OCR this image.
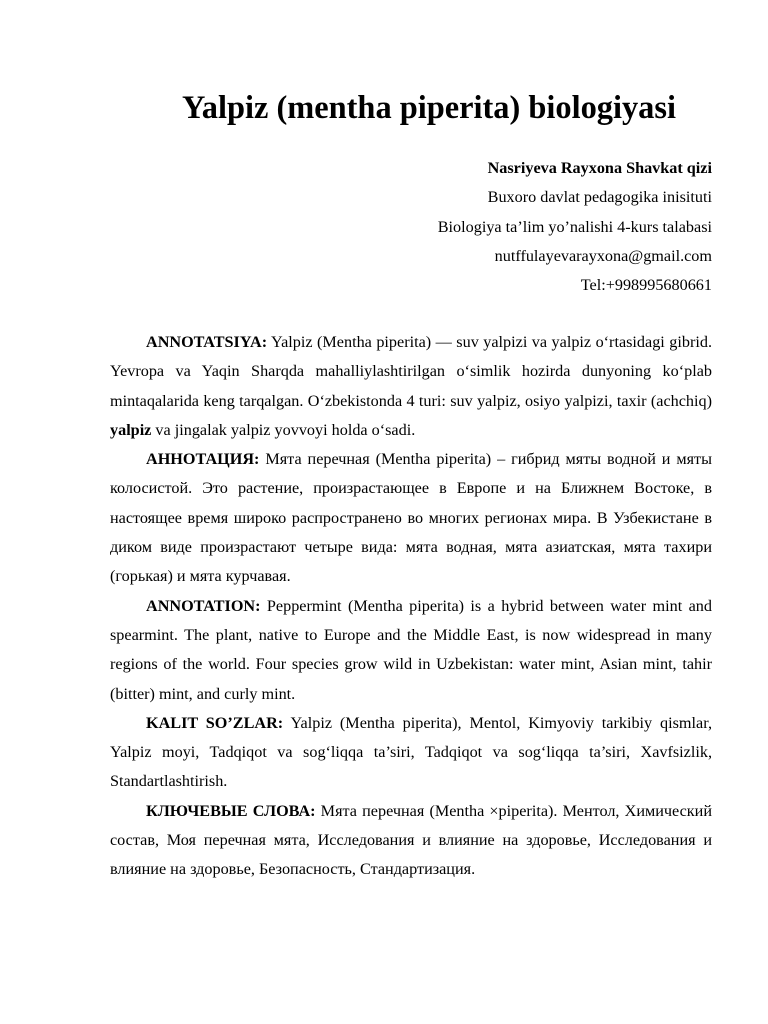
Yalpiz (mentha piperita) biologiyasi
Nasriyeva Rayxona Shavkat qizi
Buxoro davlat pedagogika inisituti
Biologiya ta’lim yo’nalishi 4-kurs talabasi
nutffulayevarayxona@gmail.com
Tel:+998995680661

ANNOTATSIYA: Yalpiz (Mentha piperita) — suv yalpizi va yalpiz o‘rtasidagi gibrid. Yevropa va Yaqin Sharqda mahalliylashtirilgan o‘simlik hozirda dunyoning ko‘plab mintaqalarida keng tarqalgan. O‘zbekistonda 4 turi: suv yalpiz, osiyo yalpizi, taxir (achchiq) yalpiz va jingalak yalpiz yovvoyi holda o‘sadi.

АННОТАЦИЯ: Мята перечная (Mentha piperita) – гибрид мяты водной и мяты колосистой. Это растение, произрастающее в Европе и на Ближнем Востоке, в настоящее время широко распространено во многих регионах мира. В Узбекистане в диком виде произрастают четыре вида: мята водная, мята азиатская, мята тахири (горькая) и мята курчавая.

ANNOTATION: Peppermint (Mentha piperita) is a hybrid between water mint and spearmint. The plant, native to Europe and the Middle East, is now widespread in many regions of the world. Four species grow wild in Uzbekistan: water mint, Asian mint, tahir (bitter) mint, and curly mint.

KALIT SO’ZLAR: Yalpiz (Mentha piperita), Mentol, Kimyoviy tarkibiy qismlar, Yalpiz moyi, Tadqiqot va sog‘liqqa ta’siri, Tadqiqot va sog‘liqqa ta’siri, Xavfsizlik, Standartlashtirish.

КЛЮЧЕВЫЕ СЛОВА: Мята перечная (Mentha ×piperita). Ментол, Химический состав, Моя перечная мята, Исследования и влияние на здоровье, Исследования и влияние на здоровье, Безопасность, Стандартизация.
